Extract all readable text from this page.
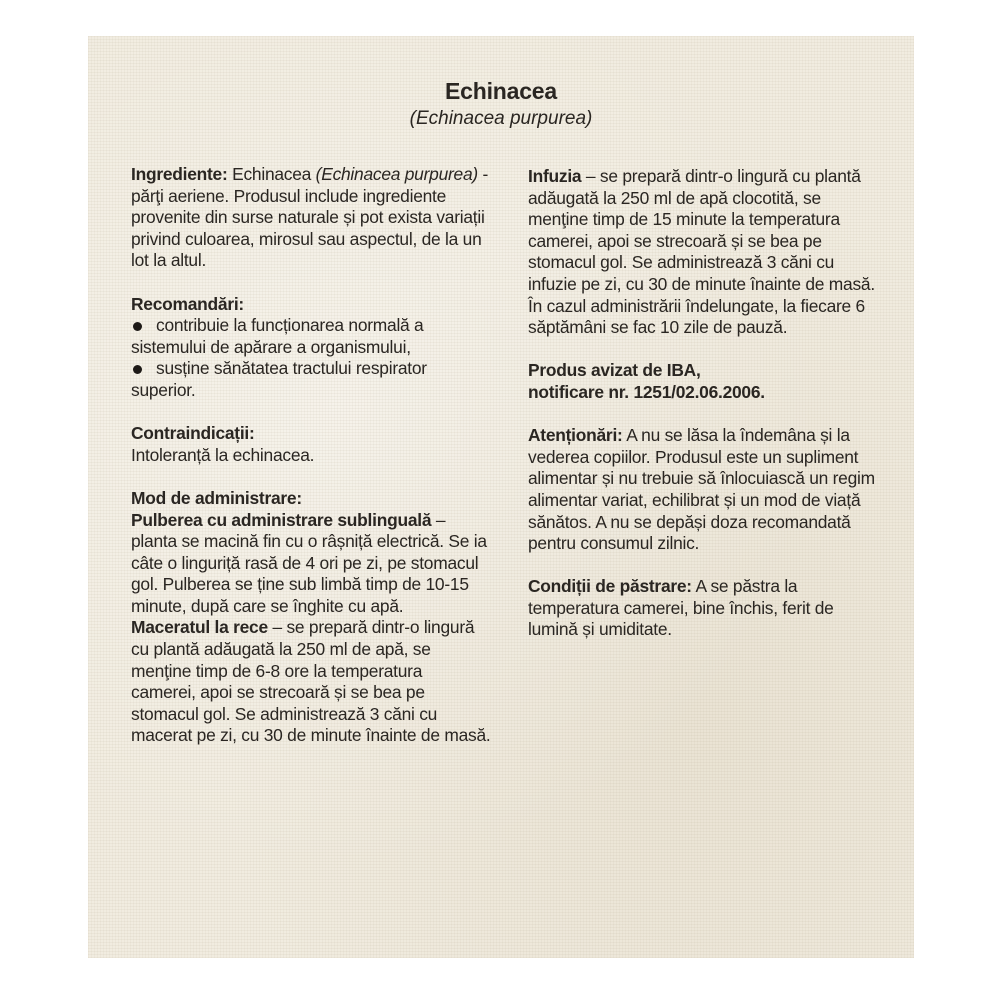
Echinacea

(Echinacea purpurea)

Ingrediente: Echinacea (Echinacea purpurea) - părţi aeriene. Produsul include ingrediente provenite din surse naturale și pot exista variații privind culoarea, mirosul sau aspectul, de la un lot la altul.

Recomandări:

contribuie la funcționarea normală a sistemului de apărare a organismului,

susține sănătatea tractului respirator superior.

Contraindicații:

Intoleranță la echinacea.

Mod de administrare:

Pulberea cu administrare sublinguală – planta se macină fin cu o râșniță electrică. Se ia câte o linguriță rasă de 4 ori pe zi, pe stomacul gol. Pulberea se ține sub limbă timp de 10-15 minute, după care se înghite cu apă.

Maceratul la rece – se prepară dintr-o lingură cu plantă adăugată la 250 ml de apă, se menţine timp de 6-8 ore la temperatura camerei, apoi se strecoară și se bea pe stomacul gol. Se administrează 3 căni cu macerat pe zi, cu 30 de minute înainte de masă.

Infuzia – se prepară dintr-o lingură cu plantă adăugată la 250 ml de apă clocotită, se menţine timp de 15 minute la temperatura camerei, apoi se strecoară și se bea pe stomacul gol. Se administrează 3 căni cu infuzie pe zi, cu 30 de minute înainte de masă.

În cazul administrării îndelungate, la fiecare 6 săptămâni se fac 10 zile de pauză.

Produs avizat de IBA,

notificare nr. 1251/02.06.2006.

Atenționări: A nu se lăsa la îndemâna și la vederea copiilor. Produsul este un supliment alimentar și nu trebuie să înlocuiască un regim alimentar variat, echilibrat și un mod de viață sănătos. A nu se depăși doza recomandată pentru consumul zilnic.

Condiții de păstrare: A se păstra la temperatura camerei, bine închis, ferit de lumină și umiditate.
